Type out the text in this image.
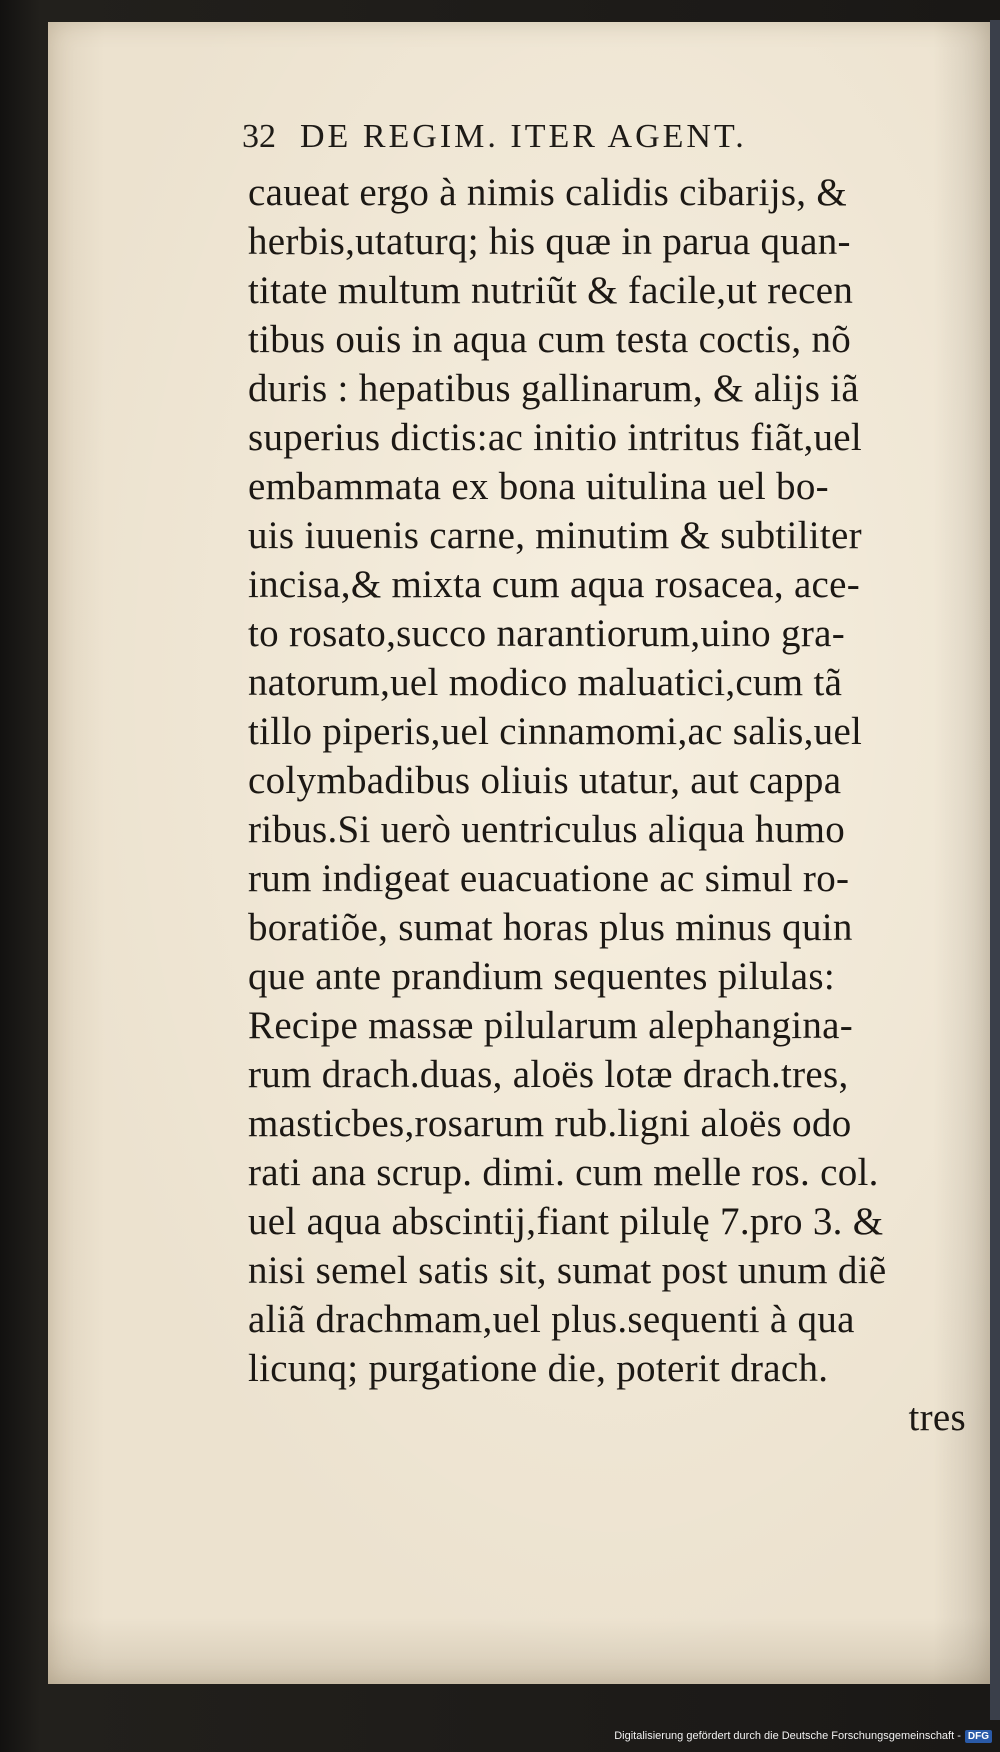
32 DE REGIM. ITER AGENT.
caueat ergo à nimis calidis cibarijs, &
herbis,utaturq; his quæ in parua quan-
titate multum nutriũt & facile,ut recen
tibus ouis in aqua cum testa coctis, nõ
duris : hepatibus gallinarum, & alijs iã
superius dictis:ac initio intritus fiãt,uel
embammata ex bona uitulina uel bo-
uis iuuenis carne, minutim & subtiliter
incisa,& mixta cum aqua rosacea, ace-
to rosato,succo narantiorum,uino gra-
natorum,uel modico maluatici,cum tã
tillo piperis,uel cinnamomi,ac salis,uel
colymbadibus oliuis utatur, aut cappa
ribus.Si uerò uentriculus aliqua humo
rum indigeat euacuatione ac simul ro-
boratiõe, sumat horas plus minus quin
que ante prandium sequentes pilulas:
Recipe massæ pilularum alephangina-
rum drach.duas, aloës lotæ drach.tres,
masticbes,rosarum rub.ligni aloës odo
rati ana scrup. dimi. cum melle ros. col.
uel aqua abscintij,fiant pilulę 7.pro 3. &
nisi semel satis sit, sumat post unum diẽ
aliã drachmam,uel plus.sequenti à qua
licunq; purgatione die, poterit drach.
tres
Digitalisierung gefördert durch die Deutsche Forschungsgemeinschaft - DFG
